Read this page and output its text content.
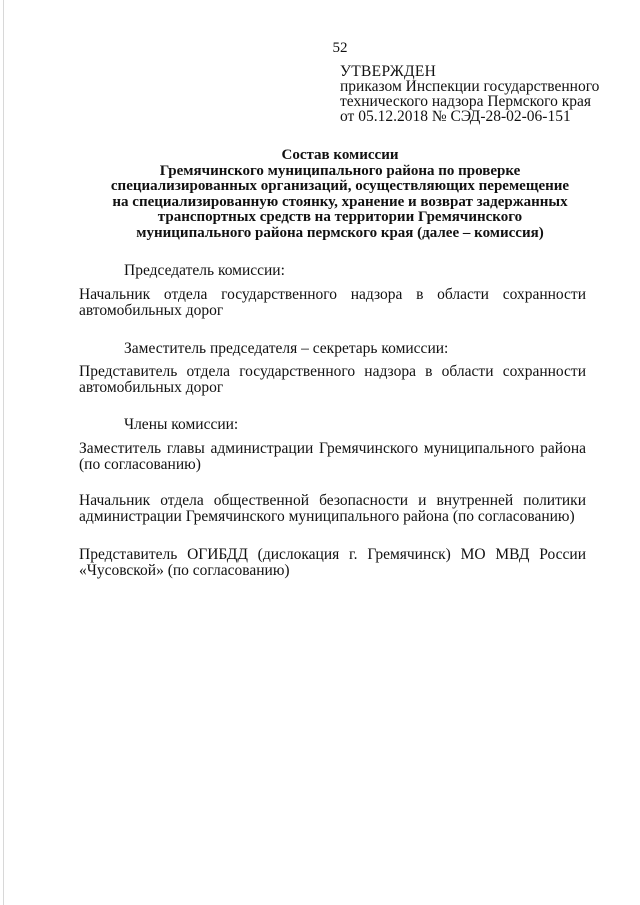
52
УТВЕРЖДЕН
приказом Инспекции государственного
технического надзора Пермского края
от 05.12.2018 № СЭД-28-02-06-151
Состав комиссии
Гремячинского муниципального района по проверке
специализированных организаций, осуществляющих перемещение
на специализированную стоянку, хранение и возврат задержанных
транспортных средств на территории Гремячинского
муниципального района пермского края (далее – комиссия)
Председатель комиссии:
Начальник отдела государственного надзора в области сохранности
автомобильных дорог
Заместитель председателя – секретарь комиссии:
Представитель отдела государственного надзора в области сохранности
автомобильных дорог
Члены комиссии:
Заместитель главы администрации Гремячинского муниципального района
(по согласованию)
Начальник отдела общественной безопасности и внутренней политики
администрации Гремячинского муниципального района (по согласованию)
Представитель ОГИБДД (дислокация г. Гремячинск) МО МВД России
«Чусовской» (по согласованию)
